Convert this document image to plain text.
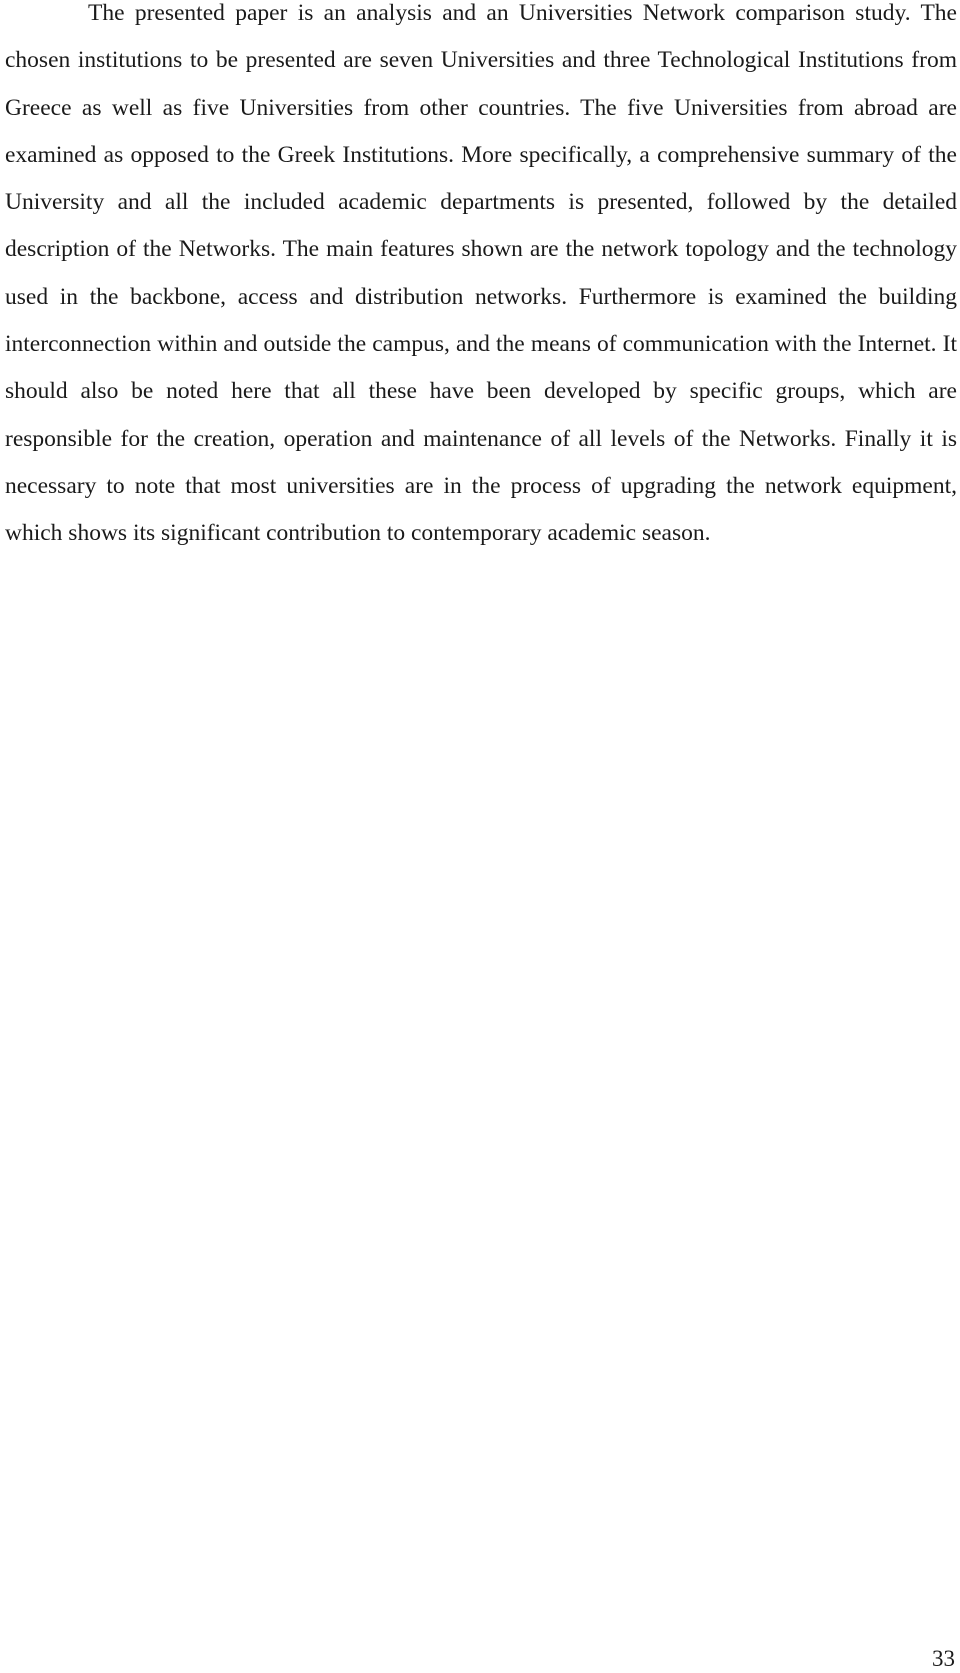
The presented paper is an analysis and an Universities Network comparison study. The chosen institutions to be presented are seven Universities and three Technological Institutions from Greece as well as five Universities from other countries. The five Universities from abroad are examined as opposed to the Greek Institutions. More specifically, a comprehensive summary of the University and all the included academic departments is presented, followed by the detailed description of the Networks. The main features shown are the network topology and the technology used in the backbone, access and distribution networks. Furthermore is examined the building interconnection within and outside the campus, and the means of communication with the Internet. It should also be noted here that all these have been developed by specific groups, which are responsible for the creation, operation and maintenance of all levels of the Networks. Finally it is necessary to note that most universities are in the process of upgrading the network equipment, which shows its significant contribution to contemporary academic season.

33
